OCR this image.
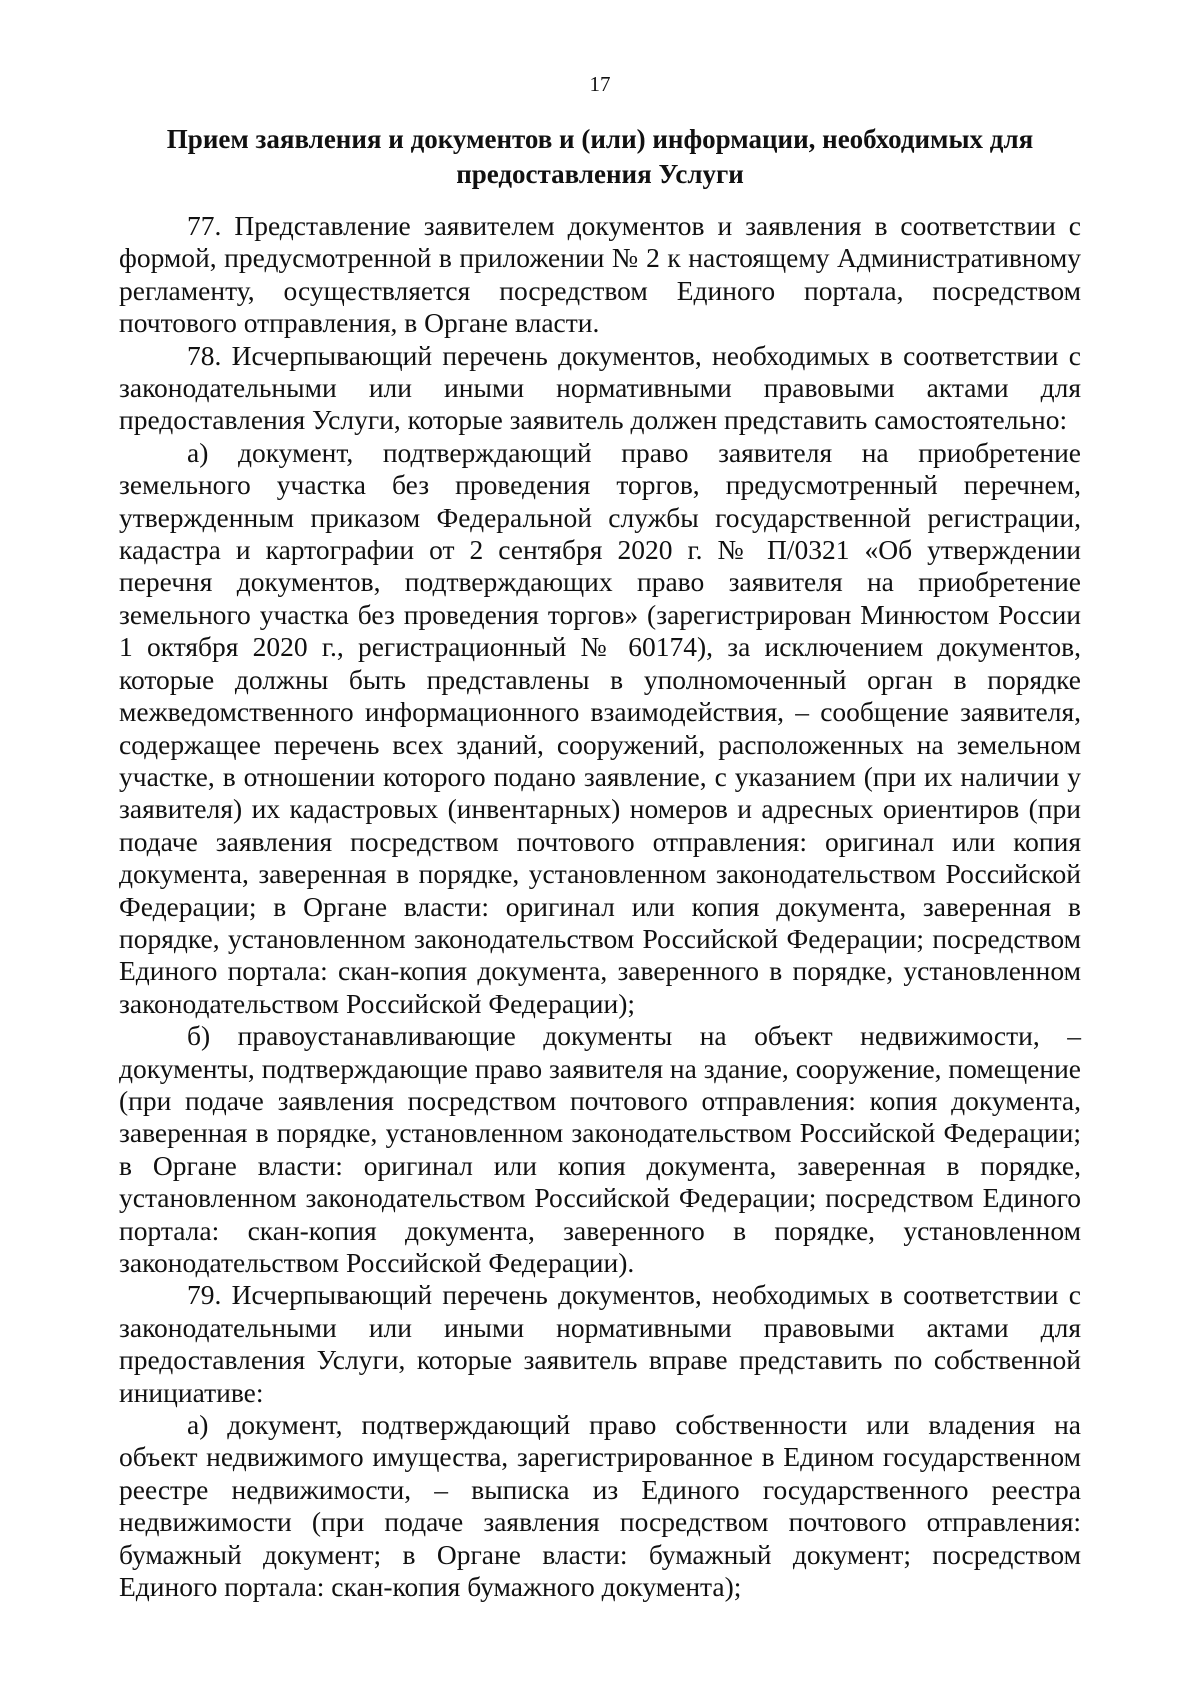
17
Прием заявления и документов и (или) информации, необходимых для
предоставления Услуги

77. Представление заявителем документов и заявления в соответствии с формой, предусмотренной в приложении № 2 к настоящему Административному регламенту, осуществляется посредством Единого портала, посредством почтового отправления, в Органе власти.

78. Исчерпывающий перечень документов, необходимых в соответствии с законодательными или иными нормативными правовыми актами для предоставления Услуги, которые заявитель должен представить самостоятельно:

а) документ, подтверждающий право заявителя на приобретение земельного участка без проведения торгов, предусмотренный перечнем, утвержденным приказом Федеральной службы государственной регистрации, кадастра и картографии от 2 сентября 2020 г. № П/0321 «Об утверждении перечня документов, подтверждающих право заявителя на приобретение земельного участка без проведения торгов» (зарегистрирован Минюстом России 1 октября 2020 г., регистрационный № 60174), за исключением документов, которые должны быть представлены в уполномоченный орган в порядке межведомственного информационного взаимодействия, – сообщение заявителя, содержащее перечень всех зданий, сооружений, расположенных на земельном участке, в отношении которого подано заявление, с указанием (при их наличии у заявителя) их кадастровых (инвентарных) номеров и адресных ориентиров (при подаче заявления посредством почтового отправления: оригинал или копия документа, заверенная в порядке, установленном законодательством Российской Федерации; в Органе власти: оригинал или копия документа, заверенная в порядке, установленном законодательством Российской Федерации; посредством Единого портала: скан-копия документа, заверенного в порядке, установленном законодательством Российской Федерации);

б) правоустанавливающие документы на объект недвижимости, – документы, подтверждающие право заявителя на здание, сооружение, помещение (при подаче заявления посредством почтового отправления: копия документа, заверенная в порядке, установленном законодательством Российской Федерации; в Органе власти: оригинал или копия документа, заверенная в порядке, установленном законодательством Российской Федерации; посредством Единого портала: скан-копия документа, заверенного в порядке, установленном законодательством Российской Федерации).

79. Исчерпывающий перечень документов, необходимых в соответствии с законодательными или иными нормативными правовыми актами для предоставления Услуги, которые заявитель вправе представить по собственной инициативе:

а) документ, подтверждающий право собственности или владения на объект недвижимого имущества, зарегистрированное в Едином государственном реестре недвижимости, – выписка из Единого государственного реестра недвижимости (при подаче заявления посредством почтового отправления: бумажный документ; в Органе власти: бумажный документ; посредством Единого портала: скан-копия бумажного документа);
